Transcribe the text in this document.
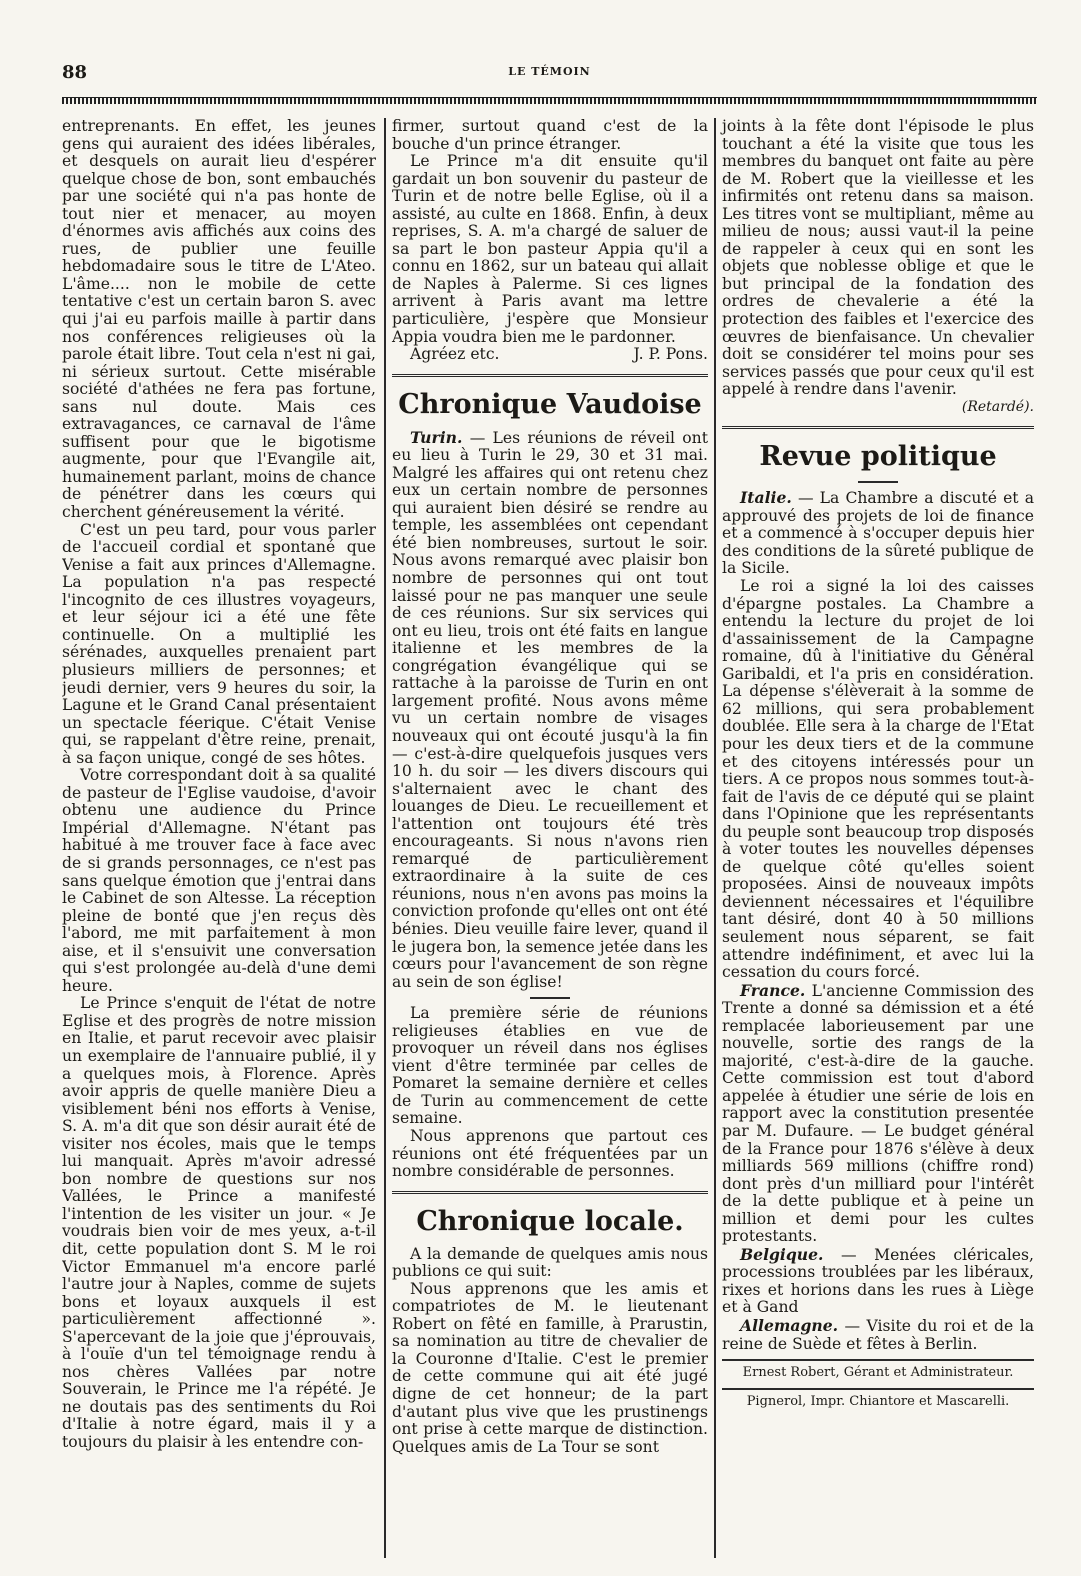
88	LE TÉMOIN

entreprenants. En effet, les jeunes gens qui auraient des idées libérales, et desquels on aurait lieu d'espérer quelque chose de bon, sont embauchés par une société qui n'a pas honte de tout nier et menacer, au moyen d'énormes avis affichés aux coins des rues, de publier une feuille hebdomadaire sous le titre de L'Ateo. L'âme.... non le mobile de cette tentative c'est un certain baron S. avec qui j'ai eu parfois maille à partir dans nos conférences religieuses où la parole était libre. Tout cela n'est ni gai, ni sérieux surtout. Cette misérable société d'athées ne fera pas fortune, sans nul doute. Mais ces extravagances, ce carnaval de l'âme suffisent pour que le bigotisme augmente, pour que l'Evangile ait, humainement parlant, moins de chance de pénétrer dans les cœurs qui cherchent généreusement la vérité.

C'est un peu tard, pour vous parler de l'accueil cordial et spontané que Venise a fait aux princes d'Allemagne. La population n'a pas respecté l'incognito de ces illustres voyageurs, et leur séjour ici a été une fête continuelle. On a multiplié les sérénades, auxquelles prenaient part plusieurs milliers de personnes; et jeudi dernier, vers 9 heures du soir, la Lagune et le Grand Canal présentaient un spectacle féerique. C'était Venise qui, se rappelant d'être reine, prenait, à sa façon unique, congé de ses hôtes.

Votre correspondant doit à sa qualité de pasteur de l'Eglise vaudoise, d'avoir obtenu une audience du Prince Impérial d'Allemagne. N'étant pas habitué à me trouver face à face avec de si grands personnages, ce n'est pas sans quelque émotion que j'entrai dans le Cabinet de son Altesse. La réception pleine de bonté que j'en reçus dès l'abord, me mit parfaitement à mon aise, et il s'ensuivit une conversation qui s'est prolongée au-delà d'une demi heure.

Le Prince s'enquit de l'état de notre Eglise et des progrès de notre mission en Italie, et parut recevoir avec plaisir un exemplaire de l'annuaire publié, il y a quelques mois, à Florence. Après avoir appris de quelle manière Dieu a visiblement béni nos efforts à Venise, S. A. m'a dit que son désir aurait été de visiter nos écoles, mais que le temps lui manquait. Après m'avoir adressé bon nombre de questions sur nos Vallées, le Prince a manifesté l'intention de les visiter un jour. « Je voudrais bien voir de mes yeux, a-t-il dit, cette population dont S. M le roi Victor Emmanuel m'a encore parlé l'autre jour à Naples, comme de sujets bons et loyaux auxquels il est particulièrement affectionné ». S'apercevant de la joie que j'éprouvais, à l'ouïe d'un tel témoignage rendu à nos chères Vallées par notre Souverain, le Prince me l'a répété. Je ne doutais pas des sentiments du Roi d'Italie à notre égard, mais il y a toujours du plaisir à les entendre con-

firmer, surtout quand c'est de la bouche d'un prince étranger.

Le Prince m'a dit ensuite qu'il gardait un bon souvenir du pasteur de Turin et de notre belle Eglise, où il a assisté, au culte en 1868. Enfin, à deux reprises, S. A. m'a chargé de saluer de sa part le bon pasteur Appia qu'il a connu en 1862, sur un bateau qui allait de Naples à Palerme. Si ces lignes arrivent à Paris avant ma lettre particulière, j'espère que Monsieur Appia voudra bien me le pardonner.

Agréez etc.	J. P. Pons.
Chronique Vaudoise

Turin. — Les réunions de réveil ont eu lieu à Turin le 29, 30 et 31 mai. Malgré les affaires qui ont retenu chez eux un certain nombre de personnes qui auraient bien désiré se rendre au temple, les assemblées ont cependant été bien nombreuses, surtout le soir. Nous avons remarqué avec plaisir bon nombre de personnes qui ont tout laissé pour ne pas manquer une seule de ces réunions. Sur six services qui ont eu lieu, trois ont été faits en langue italienne et les membres de la congrégation évangélique qui se rattache à la paroisse de Turin en ont largement profité. Nous avons même vu un certain nombre de visages nouveaux qui ont écouté jusqu'à la fin — c'est-à-dire quelquefois jusques vers 10 h. du soir — les divers discours qui s'alternaient avec le chant des louanges de Dieu. Le recueillement et l'attention ont toujours été très encourageants. Si nous n'avons rien remarqué de particulièrement extraordinaire à la suite de ces réunions, nous n'en avons pas moins la conviction profonde qu'elles ont ont été bénies. Dieu veuille faire lever, quand il le jugera bon, la semence jetée dans les cœurs pour l'avancement de son règne au sein de son église!

La première série de réunions religieuses établies en vue de provoquer un réveil dans nos églises vient d'être terminée par celles de Pomaret la semaine dernière et celles de Turin au commencement de cette semaine.

Nous apprenons que partout ces réunions ont été fréquentées par un nombre considérable de personnes.

Chronique locale.

A la demande de quelques amis nous publions ce qui suit:

Nous apprenons que les amis et compatriotes de M. le lieutenant Robert on fêté en famille, à Prarustin, sa nomination au titre de chevalier de la Couronne d'Italie. C'est le premier de cette commune qui ait été jugé digne de cet honneur; de la part d'autant plus vive que les prustinengs ont prise à cette marque de distinction. Quelques amis de La Tour se sont

joints à la fête dont l'épisode le plus touchant a été la visite que tous les membres du banquet ont faite au père de M. Robert que la vieillesse et les infirmités ont retenu dans sa maison. Les titres vont se multipliant, même au milieu de nous; aussi vaut-il la peine de rappeler à ceux qui en sont les objets que noblesse oblige et que le but principal de la fondation des ordres de chevalerie a été la protection des faibles et l'exercice des œuvres de bienfaisance. Un chevalier doit se considérer tel moins pour ses services passés que pour ceux qu'il est appelé à rendre dans l'avenir.

(Retardé).
Revue politique

Italie. — La Chambre a discuté et a approuvé des projets de loi de finance et a commencé à s'occuper depuis hier des conditions de la sûreté publique de la Sicile.

Le roi a signé la loi des caisses d'épargne postales. La Chambre a entendu la lecture du projet de loi d'assainissement de la Campagne romaine, dû à l'initiative du Général Garibaldi, et l'a pris en considération. La dépense s'élèverait à la somme de 62 millions, qui sera probablement doublée. Elle sera à la charge de l'Etat pour les deux tiers et de la commune et des citoyens intéressés pour un tiers. A ce propos nous sommes tout-à-fait de l'avis de ce député qui se plaint dans l'Opinione que les représentants du peuple sont beaucoup trop disposés à voter toutes les nouvelles dépenses de quelque côté qu'elles soient proposées. Ainsi de nouveaux impôts deviennent nécessaires et l'équilibre tant désiré, dont 40 à 50 millions seulement nous séparent, se fait attendre indéfiniment, et avec lui la cessation du cours forcé.

France. L'ancienne Commission des Trente a donné sa démission et a été remplacée laborieusement par une nouvelle, sortie des rangs de la majorité, c'est-à-dire de la gauche. Cette commission est tout d'abord appelée à étudier une série de lois en rapport avec la constitution presentée par M. Dufaure. — Le budget général de la France pour 1876 s'élève à deux milliards 569 millions (chiffre rond) dont près d'un milliard pour l'intérêt de la dette publique et à peine un million et demi pour les cultes protestants.

Belgique. — Menées cléricales, processions troublées par les libéraux, rixes et horions dans les rues à Liège et à Gand

Allemagne. — Visite du roi et de la reine de Suède et fêtes à Berlin.

Ernest Robert, Gérant et Administrateur.
Pignerol, Impr. Chiantore et Mascarelli.
